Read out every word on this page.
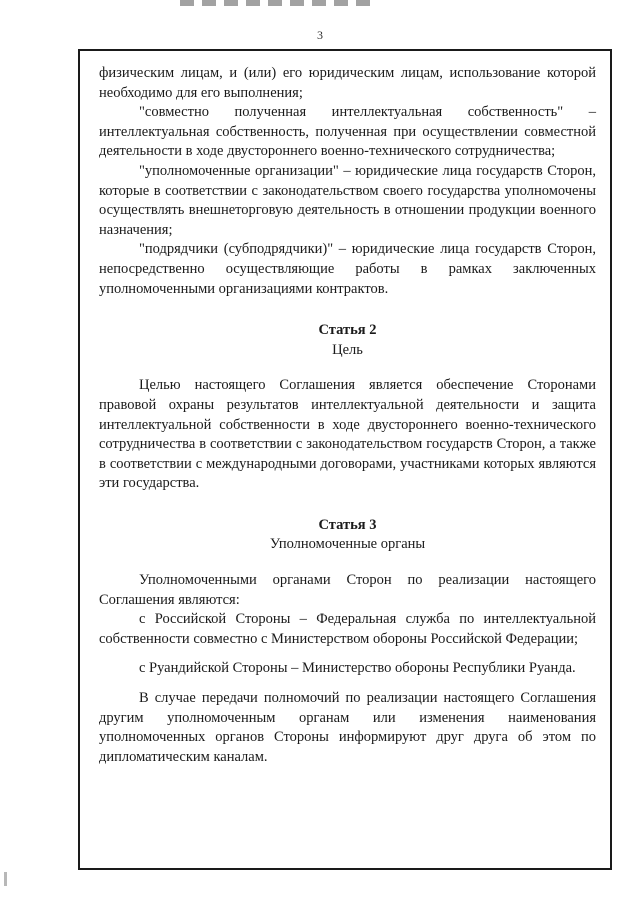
3

физическим лицам, и (или) его юридическим лицам, использование которой необходимо для его выполнения;

"совместно полученная интеллектуальная собственность" – интеллектуальная собственность, полученная при осуществлении совместной деятельности в ходе двустороннего военно-технического сотрудничества;

"уполномоченные организации" – юридические лица государств Сторон, которые в соответствии с законодательством своего государства уполномочены осуществлять внешнеторговую деятельность в отношении продукции военного назначения;

"подрядчики (субподрядчики)" – юридические лица государств Сторон, непосредственно осуществляющие работы в рамках заключенных уполномоченными организациями контрактов.

Статья 2

Цель

Целью настоящего Соглашения является обеспечение Сторонами правовой охраны результатов интеллектуальной деятельности и защита интеллектуальной собственности в ходе двустороннего военно-технического сотрудничества в соответствии с законодательством государств Сторон, а также в соответствии с международными договорами, участниками которых являются эти государства.

Статья 3

Уполномоченные органы

Уполномоченными органами Сторон по реализации настоящего Соглашения являются:

с Российской Стороны – Федеральная служба по интеллектуальной собственности совместно с Министерством обороны Российской Федерации;

с Руандийской Стороны – Министерство обороны Республики Руанда.

В случае передачи полномочий по реализации настоящего Соглашения другим уполномоченным органам или изменения наименования уполномоченных органов Стороны информируют друг друга об этом по дипломатическим каналам.
